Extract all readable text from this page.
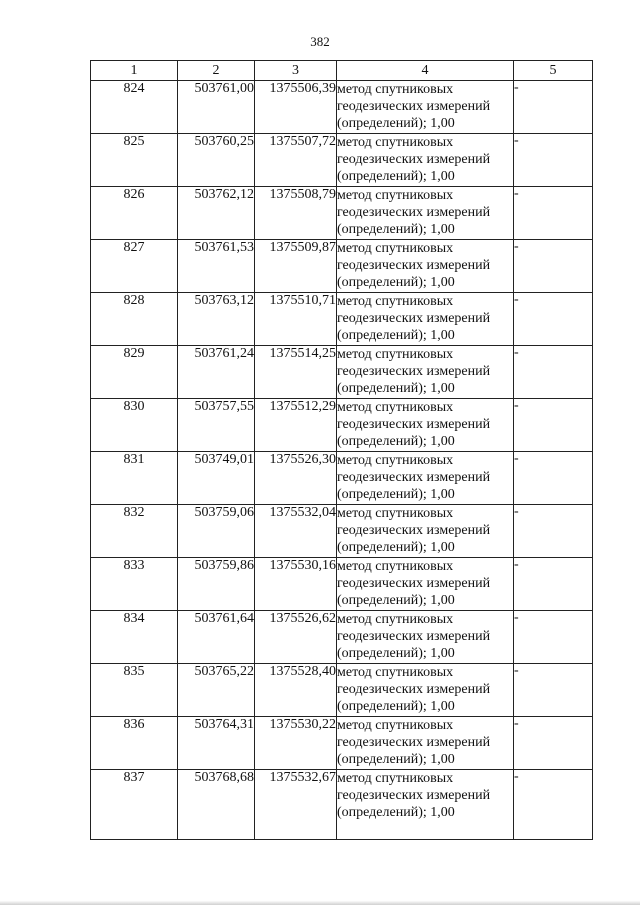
382
1	2	3	4	5
824	503761,00	1375506,39	метод спутниковых
геодезических измерений
(определений); 1,00	-
825	503760,25	1375507,72	метод спутниковых
геодезических измерений
(определений); 1,00	-
826	503762,12	1375508,79	метод спутниковых
геодезических измерений
(определений); 1,00	-
827	503761,53	1375509,87	метод спутниковых
геодезических измерений
(определений); 1,00	-
828	503763,12	1375510,71	метод спутниковых
геодезических измерений
(определений); 1,00	-
829	503761,24	1375514,25	метод спутниковых
геодезических измерений
(определений); 1,00	-
830	503757,55	1375512,29	метод спутниковых
геодезических измерений
(определений); 1,00	-
831	503749,01	1375526,30	метод спутниковых
геодезических измерений
(определений); 1,00	-
832	503759,06	1375532,04	метод спутниковых
геодезических измерений
(определений); 1,00	-
833	503759,86	1375530,16	метод спутниковых
геодезических измерений
(определений); 1,00	-
834	503761,64	1375526,62	метод спутниковых
геодезических измерений
(определений); 1,00	-
835	503765,22	1375528,40	метод спутниковых
геодезических измерений
(определений); 1,00	-
836	503764,31	1375530,22	метод спутниковых
геодезических измерений
(определений); 1,00	-
837	503768,68	1375532,67	метод спутниковых
геодезических измерений
(определений); 1,00	-
